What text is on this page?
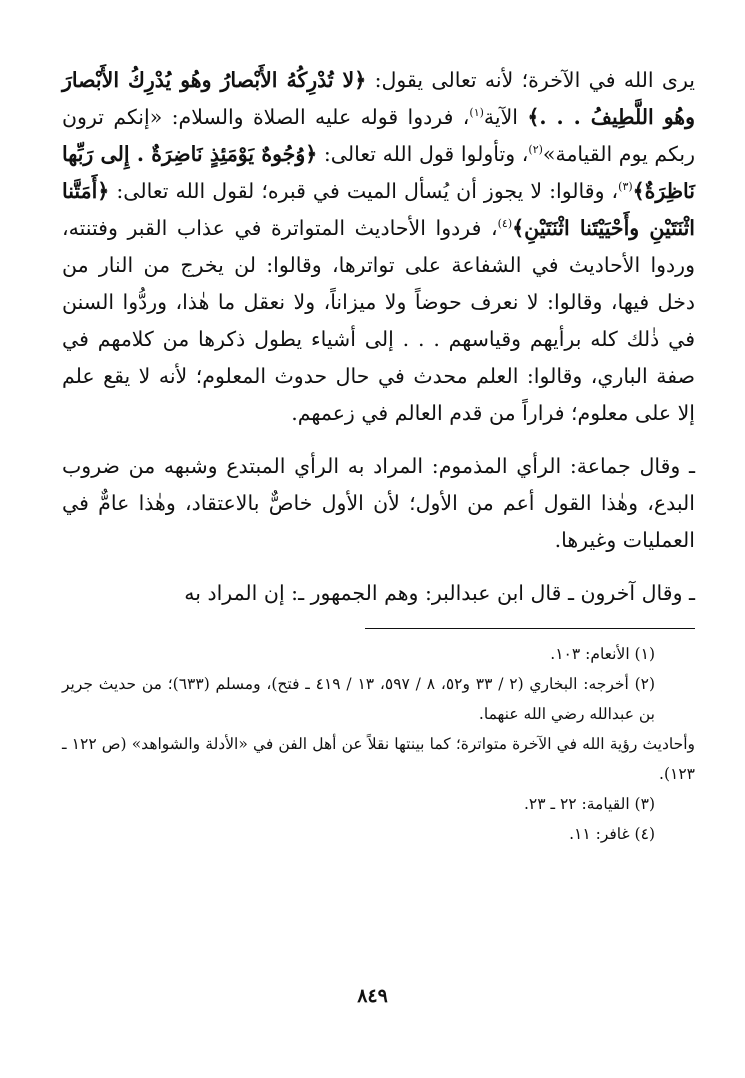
يرى الله في الآخرة؛ لأنه تعالى يقول: ﴿لا تُدْرِكُهُ الأَبْصارُ وهُو يُدْرِكُ الأَبْصارَ وهُو اللَّطِيفُ . . .﴾ الآية$^{(١)}$، فردوا قوله عليه الصلاة والسلام: «إنكم ترون ربكم يوم القيامة»$^{(٢)}$، وتأولوا قول الله تعالى: ﴿وُجُوهٌ يَوْمَئِذٍ نَاضِرَةٌ . إِلى رَبِّها نَاظِرَةٌ﴾$^{(٣)}$، وقالوا: لا يجوز أن يُسأل الميت في قبره؛ لقول الله تعالى: ﴿أَمَتَّنا اثْنَتَيْنِ وأَحْيَيْتَنا اثْنَتَيْنِ﴾$^{(٤)}$، فردوا الأحاديث المتواترة في عذاب القبر وفتنته، وردوا الأحاديث في الشفاعة على تواترها، وقالوا: لن يخرج من النار من دخل فيها، وقالوا: لا نعرف حوضاً ولا ميزاناً، ولا نعقل ما هٰذا، وردُّوا السنن في ذٰلك كله برأيهم وقياسهم . . . إلى أشياء يطول ذكرها من كلامهم في صفة الباري، وقالوا: العلم محدث في حال حدوث المعلوم؛ لأنه لا يقع علم إلا على معلوم؛ فراراً من قدم العالم في زعمهم.

ـ وقال جماعة: الرأي المذموم: المراد به الرأي المبتدع وشبهه من ضروب البدع، وهٰذا القول أعم من الأول؛ لأن الأول خاصٌّ بالاعتقاد، وهٰذا عامٌّ في العمليات وغيرها.

ـ وقال آخرون ـ قال ابن عبدالبر: وهم الجمهور ـ: إن المراد به

(١) الأنعام: ١٠٣.

(٢) أخرجه: البخاري (٢ / ٣٣ و٥٢، ٨ / ٥٩٧، ١٣ / ٤١٩ ـ فتح)، ومسلم (٦٣٣)؛ من حديث جرير بن عبدالله رضي الله عنهما.

وأحاديث رؤية الله في الآخرة متواترة؛ كما بينتها نقلاً عن أهل الفن في «الأدلة والشواهد» (ص ١٢٢ ـ ١٢٣).

(٣) القيامة: ٢٢ ـ ٢٣.

(٤) غافر: ١١.

٨٤٩
